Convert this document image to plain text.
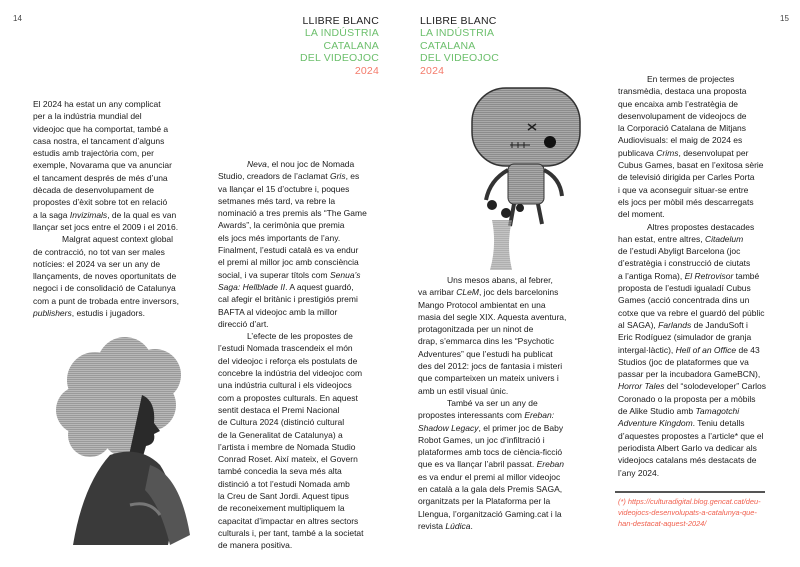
14	15
LLIBRE BLANC
LA INDÚSTRIA
CATALANA
DEL VIDEOJOC
2024
LLIBRE BLANC
LA INDÚSTRIA
CATALANA
DEL VIDEOJOC
2024
El 2024 ha estat un any complicat
per a la indústria mundial del
videojoc que ha comportat, també a
casa nostra, el tancament d’alguns
estudis amb trajectòria com, per
exemple, Novarama que va anunciar
el tancament després de més d’una
dècada de desenvolupament de
propostes d’èxit sobre tot en relació
a la saga Invizimals, de la qual es van
llançar set jocs entre el 2009 i el 2016.
Malgrat aquest context global
de contracció, no tot van ser males
notícies: el 2024 va ser un any de
llançaments, de noves oportunitats de
negoci i de consolidació de Catalunya
com a punt de trobada entre inversors,
publishers, estudis i jugadors.
Neva, el nou joc de Nomada
Studio, creadors de l’aclamat Gris, es
va llançar el 15 d’octubre i, poques
setmanes més tard, va rebre la
nominació a tres premis als “The Game
Awards”, la cerimònia que premia
els jocs més importants de l’any.
Finalment, l’estudi català es va endur
el premi al millor joc amb consciència
social, i va superar títols com Senua’s
Saga: Hellblade II. A aquest guardó,
cal afegir el britànic i prestigiós premi
BAFTA al videojoc amb la millor
direcció d’art.
L’efecte de les propostes de
l’estudi Nomada trascendeix el món
del videojoc i reforça els postulats de
concebre la indústria del videojoc com
una indústria cultural i els videojocs
com a propostes culturals. En aquest
sentit destaca el Premi Nacional
de Cultura 2024 (distinció cultural
de la Generalitat de Catalunya) a
l’artista i membre de Nomada Studio
Conrad Roset. Així mateix, el Govern
també concedia la seva més alta
distinció a tot l’estudi Nomada amb
la Creu de Sant Jordi. Aquest tipus
de reconeixement multipliquem la
capacitat d’impactar en altres sectors
culturals i, per tant, també a la societat
de manera positiva.
Uns mesos abans, al febrer,
va arribar CLeM, joc dels barcelonins
Mango Protocol ambientat en una
masia del segle XIX. Aquesta aventura,
protagonitzada per un ninot de
drap, s’emmarca dins les “Psychotic
Adventures” que l’estudi ha publicat
des del 2012: jocs de fantasia i misteri
que comparteixen un mateix univers i
amb un estil visual únic.
També va ser un any de
propostes interessants com Ereban:
Shadow Legacy, el primer joc de Baby
Robot Games, un joc d’infiltració i
plataformes amb tocs de ciència-ficció
que es va llançar l’abril passat. Ereban
es va endur el premi al millor videojoc
en català a la gala dels Premis SAGA,
organitzats per la Plataforma per la
Llengua, l’organització Gaming.cat i la
revista Lúdica.
En termes de projectes
transmèdia, destaca una proposta
que encaixa amb l’estratègia de
desenvolupament de videojocs de
la Corporació Catalana de Mitjans
Audiovisuals: el maig de 2024 es
publicava Crims, desenvolupat per
Cubus Games, basat en l’exitosa sèrie
de televisió dirigida per Carles Porta
i que va aconseguir situar-se entre
els jocs per mòbil més descarregats
del moment.
Altres propostes destacades
han estat, entre altres, Citadelum
de l’estudi Abyligt Barcelona (joc
d’estratègia i construcció de ciutats
a l’antiga Roma), El Retrovisor també
proposta de l’estudi igualadí Cubus
Games (acció concentrada dins un
cotxe que va rebre el guardó del públic
al SAGA), Farlands de JanduSoft i
Eric Rodíguez (simulador de granja
intergal·làctic), Hell of an Office de 43
Studios (joc de plataformes que va
passar per la incubadora GameBCN),
Horror Tales del “solodeveloper” Carlos
Coronado o la proposta per a mòbils
de Alike Studio amb Tamagotchi
Adventure Kingdom. Teniu detalls
d’aquestes propostes a l’article* que el
periodista Albert Garlo va dedicar als
videojocs catalans més destacats de
l’any 2024.
(*) https://culturadigital.blog.gencat.cat/deu-
videojocs-desenvolupats-a-catalunya-que-
han-destacat-aquest-2024/
